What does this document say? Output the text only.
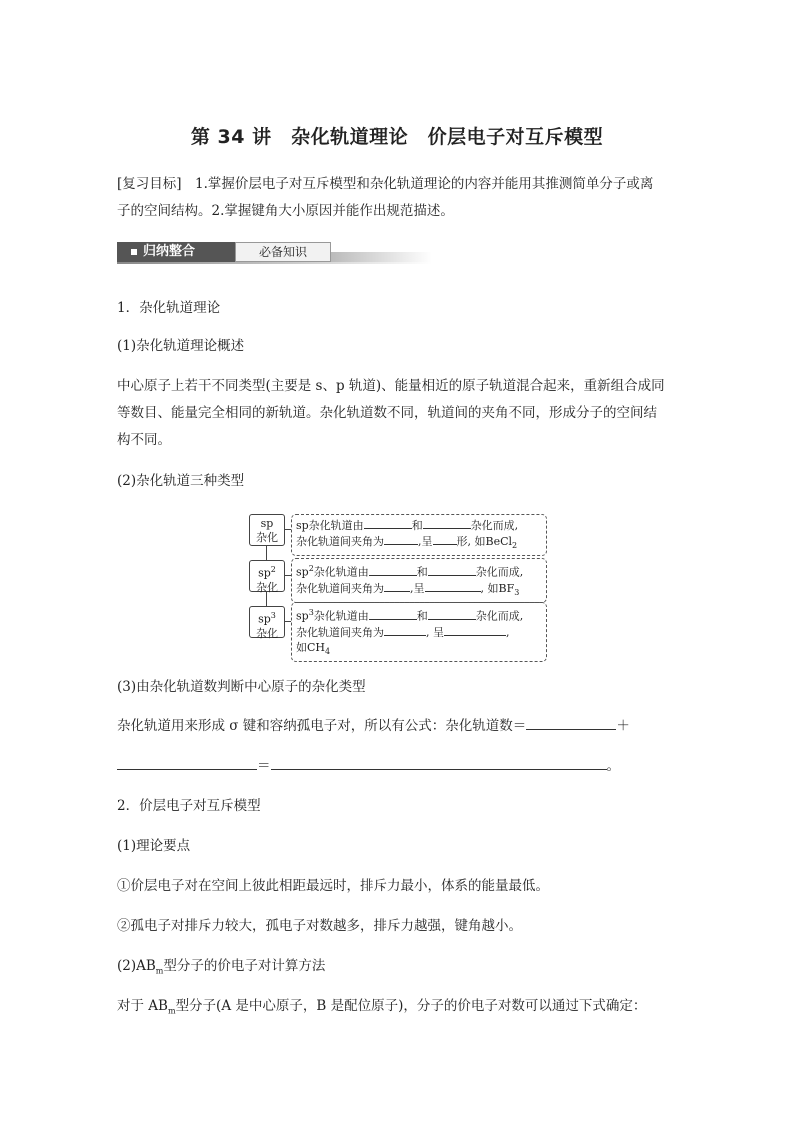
第 34 讲　杂化轨道理论　价层电子对互斥模型
[复习目标]　1.掌握价层电子对互斥模型和杂化轨道理论的内容并能用其推测简单分子或离
子的空间结构。2.掌握键角大小原因并能作出规范描述。
归纳整合	必备知识
1．杂化轨道理论
(1)杂化轨道理论概述
中心原子上若干不同类型(主要是 s、p 轨道)、能量相近的原子轨道混合起来，重新组合成同
等数目、能量完全相同的新轨道。杂化轨道数不同，轨道间的夹角不同，形成分子的空间结
构不同。
(2)杂化轨道三种类型
sp
杂化
sp杂化轨道由	和	杂化而成,
杂化轨道间夹角为	,呈 形, 如BeCl$_2$
$sp^2$
杂化
$sp^2$杂化轨道由	和	杂化而成,
杂化轨道间夹角为 ,呈	, 如$BF_3$
$sp^3$
杂化
$sp^3$杂化轨道由	和	杂化而成,
杂化轨道间夹角为	, 呈	,
如$CH_4$
(3)由杂化轨道数判断中心原子的杂化类型
杂化轨道用来形成 σ 键和容纳孤电子对，所以有公式：杂化轨道数＝	＋
＝	。
2．价层电子对互斥模型
(1)理论要点
①价层电子对在空间上彼此相距最远时，排斥力最小，体系的能量最低。
②孤电子对排斥力较大，孤电子对数越多，排斥力越强，键角越小。
$(2)AB_m$型分子的价电子对计算方法
对于 $AB_m$型分子(A 是中心原子，B 是配位原子)，分子的价电子对数可以通过下式确定：
